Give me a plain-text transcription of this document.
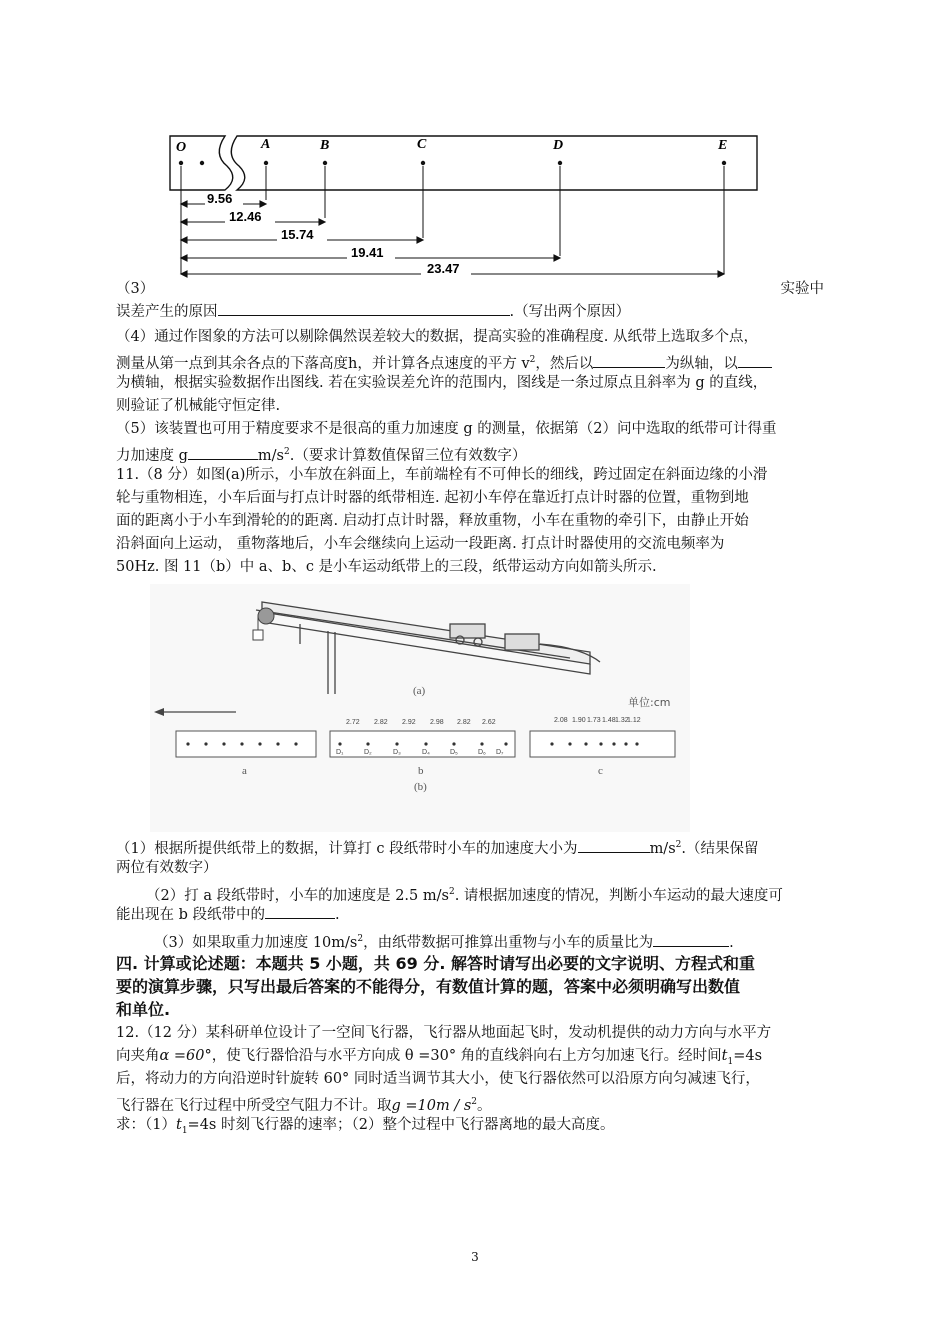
O	A	B	C	D	E
9.56
12.46
15.74
19.41
23.47
（3）	实验中
误差产生的原因	.（写出两个原因）
（4）通过作图象的方法可以剔除偶然误差较大的数据，提高实验的准确程度. 从纸带上选取多个点，
测量从第一点到其余各点的下落高度h，并计算各点速度的平方 $v^2$，然后以	为纵轴，以
为横轴，根据实验数据作出图线. 若在实验误差允许的范围内，图线是一条过原点且斜率为 g 的直线，
则验证了机械能守恒定律.
（5）该装置也可用于精度要求不是很高的重力加速度 g 的测量，依据第（2）问中选取的纸带可计得重
力加速度 g	$m/s^2$.（要求计算数值保留三位有效数字）
11.（8 分）如图(a)所示，小车放在斜面上，车前端栓有不可伸长的细线，跨过固定在斜面边缘的小滑
轮与重物相连，小车后面与打点计时器的纸带相连. 起初小车停在靠近打点计时器的位置，重物到地
面的距离小于小车到滑轮的的距离. 启动打点计时器，释放重物，小车在重物的牵引下，由静止开始
沿斜面向上运动， 重物落地后，小车会继续向上运动一段距离. 打点计时器使用的交流电频率为
50Hz. 图 11（b）中 a、b、c 是小车运动纸带上的三段，纸带运动方向如箭头所示.
(a)
单位:cm
2.72 2.82 2.92 2.98 2.82 2.62	2.08 1.90 1.73 1.48 1.32
1.12
D₁	D₂	D₃	D₄	D₅	D₆ D₇
a	b	c
(b)
（1）根据所提供纸带上的数据，计算打 c 段纸带时小车的加速度大小为	$m/s^2$.（结果保留
两位有效数字）
（2）打 a 段纸带时，小车的加速度是 2.5 $m/s^2$. 请根据加速度的情况，判断小车运动的最大速度可
能出现在 b 段纸带中的	.
（3）如果取重力加速度 $10m/s^2$，由纸带数据可推算出重物与小车的质量比为	.
四. 计算或论述题：本题共 5 小题，共 69 分. 解答时请写出必要的文字说明、方程式和重
要的演算步骤，只写出最后答案的不能得分，有数值计算的题，答案中必须明确写出数值
和单位.
12.（12 分）某科研单位设计了一空间飞行器，飞行器从地面起飞时，发动机提供的动力方向与水平方
向夹角α =60°，使飞行器恰沿与水平方向成 θ =30° 角的直线斜向右上方匀加速飞行。经时间$t_1=4s$
后，将动力的方向沿逆时针旋转 60° 同时适当调节其大小，使飞行器依然可以沿原方向匀减速飞行，
飞行器在飞行过程中所受空气阻力不计。取$g =10m / s^2$。
求：$(1)t_1=4s$ 时刻飞行器的速率；（2）整个过程中飞行器离地的最大高度。
3
